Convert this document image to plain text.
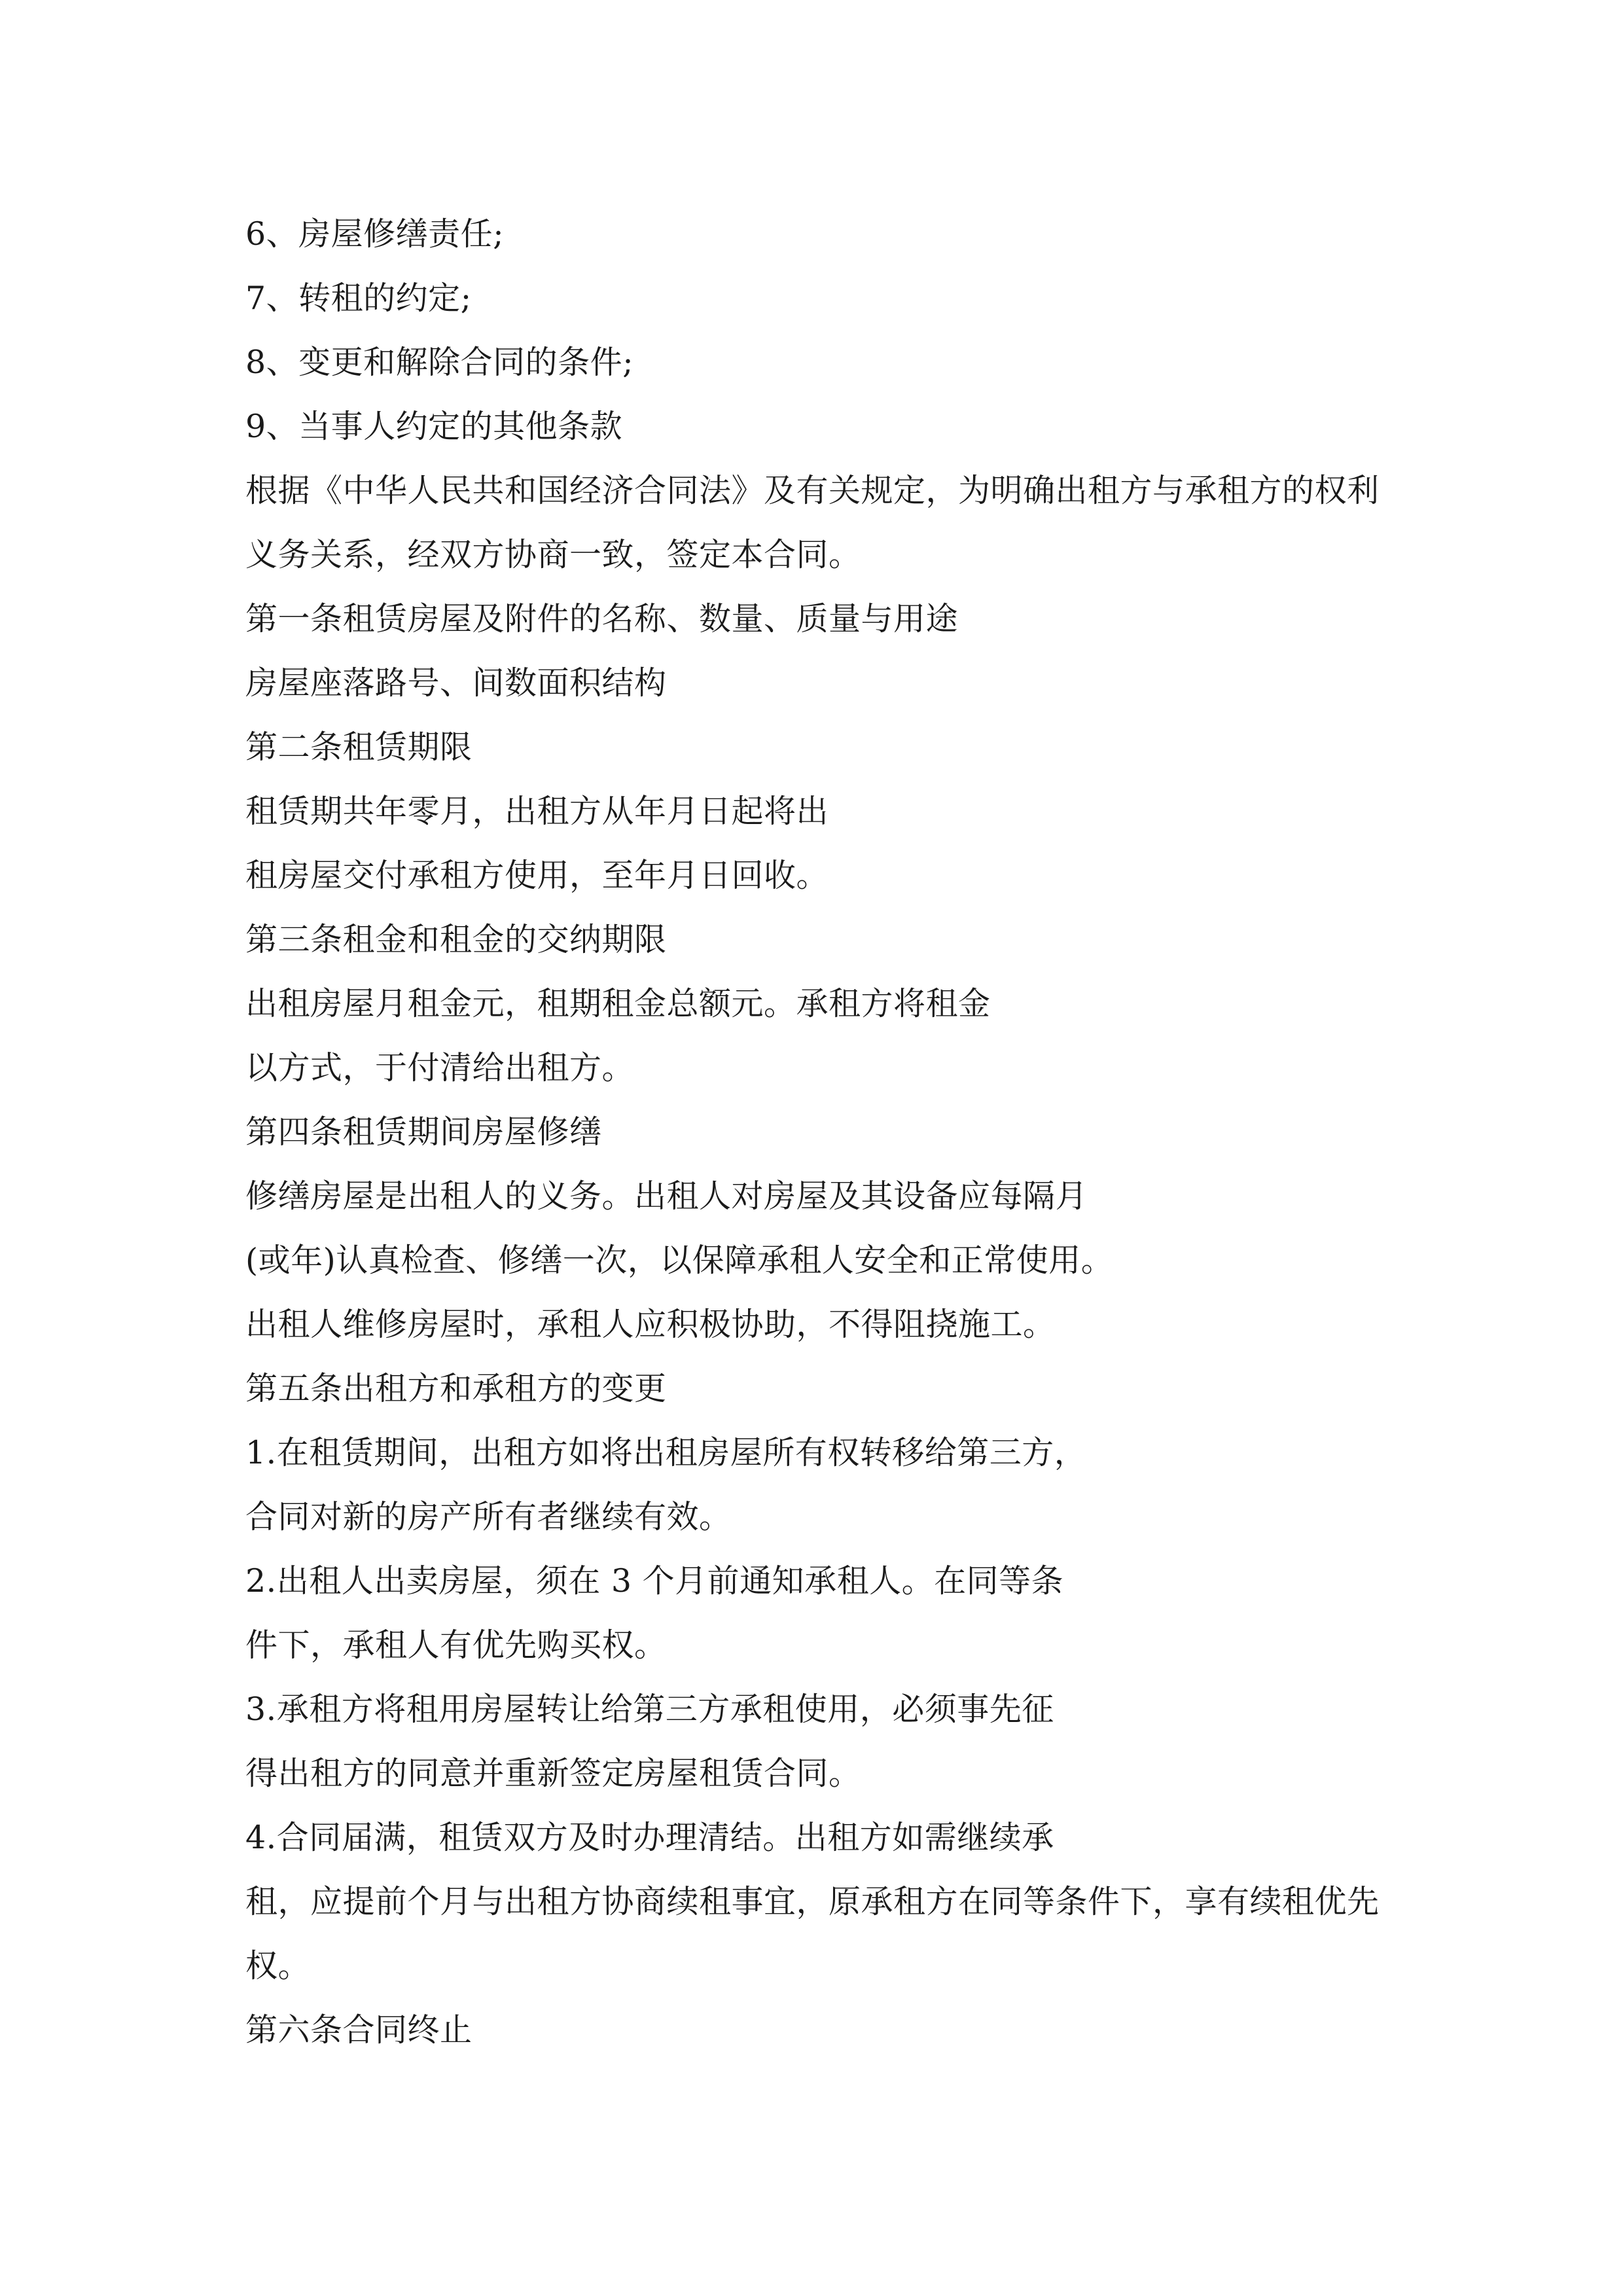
6、房屋修缮责任;
7、转租的约定;
8、变更和解除合同的条件;
9、当事人约定的其他条款
根据《中华人民共和国经济合同法》及有关规定，为明确出租方与承租方的权利
义务关系，经双方协商一致，签定本合同。
第一条租赁房屋及附件的名称、数量、质量与用途
房屋座落路号、间数面积结构
第二条租赁期限
租赁期共年零月，出租方从年月日起将出
租房屋交付承租方使用，至年月日回收。
第三条租金和租金的交纳期限
出租房屋月租金元，租期租金总额元。承租方将租金
以方式，于付清给出租方。
第四条租赁期间房屋修缮
修缮房屋是出租人的义务。出租人对房屋及其设备应每隔月
(或年)认真检查、修缮一次，以保障承租人安全和正常使用。
出租人维修房屋时，承租人应积极协助，不得阻挠施工。
第五条出租方和承租方的变更
1.在租赁期间，出租方如将出租房屋所有权转移给第三方，
合同对新的房产所有者继续有效。
2.出租人出卖房屋，须在 3 个月前通知承租人。在同等条
件下，承租人有优先购买权。
3.承租方将租用房屋转让给第三方承租使用，必须事先征
得出租方的同意并重新签定房屋租赁合同。
4.合同届满，租赁双方及时办理清结。出租方如需继续承
租，应提前个月与出租方协商续租事宜，原承租方在同等条件下，享有续租优先
权。
第六条合同终止
